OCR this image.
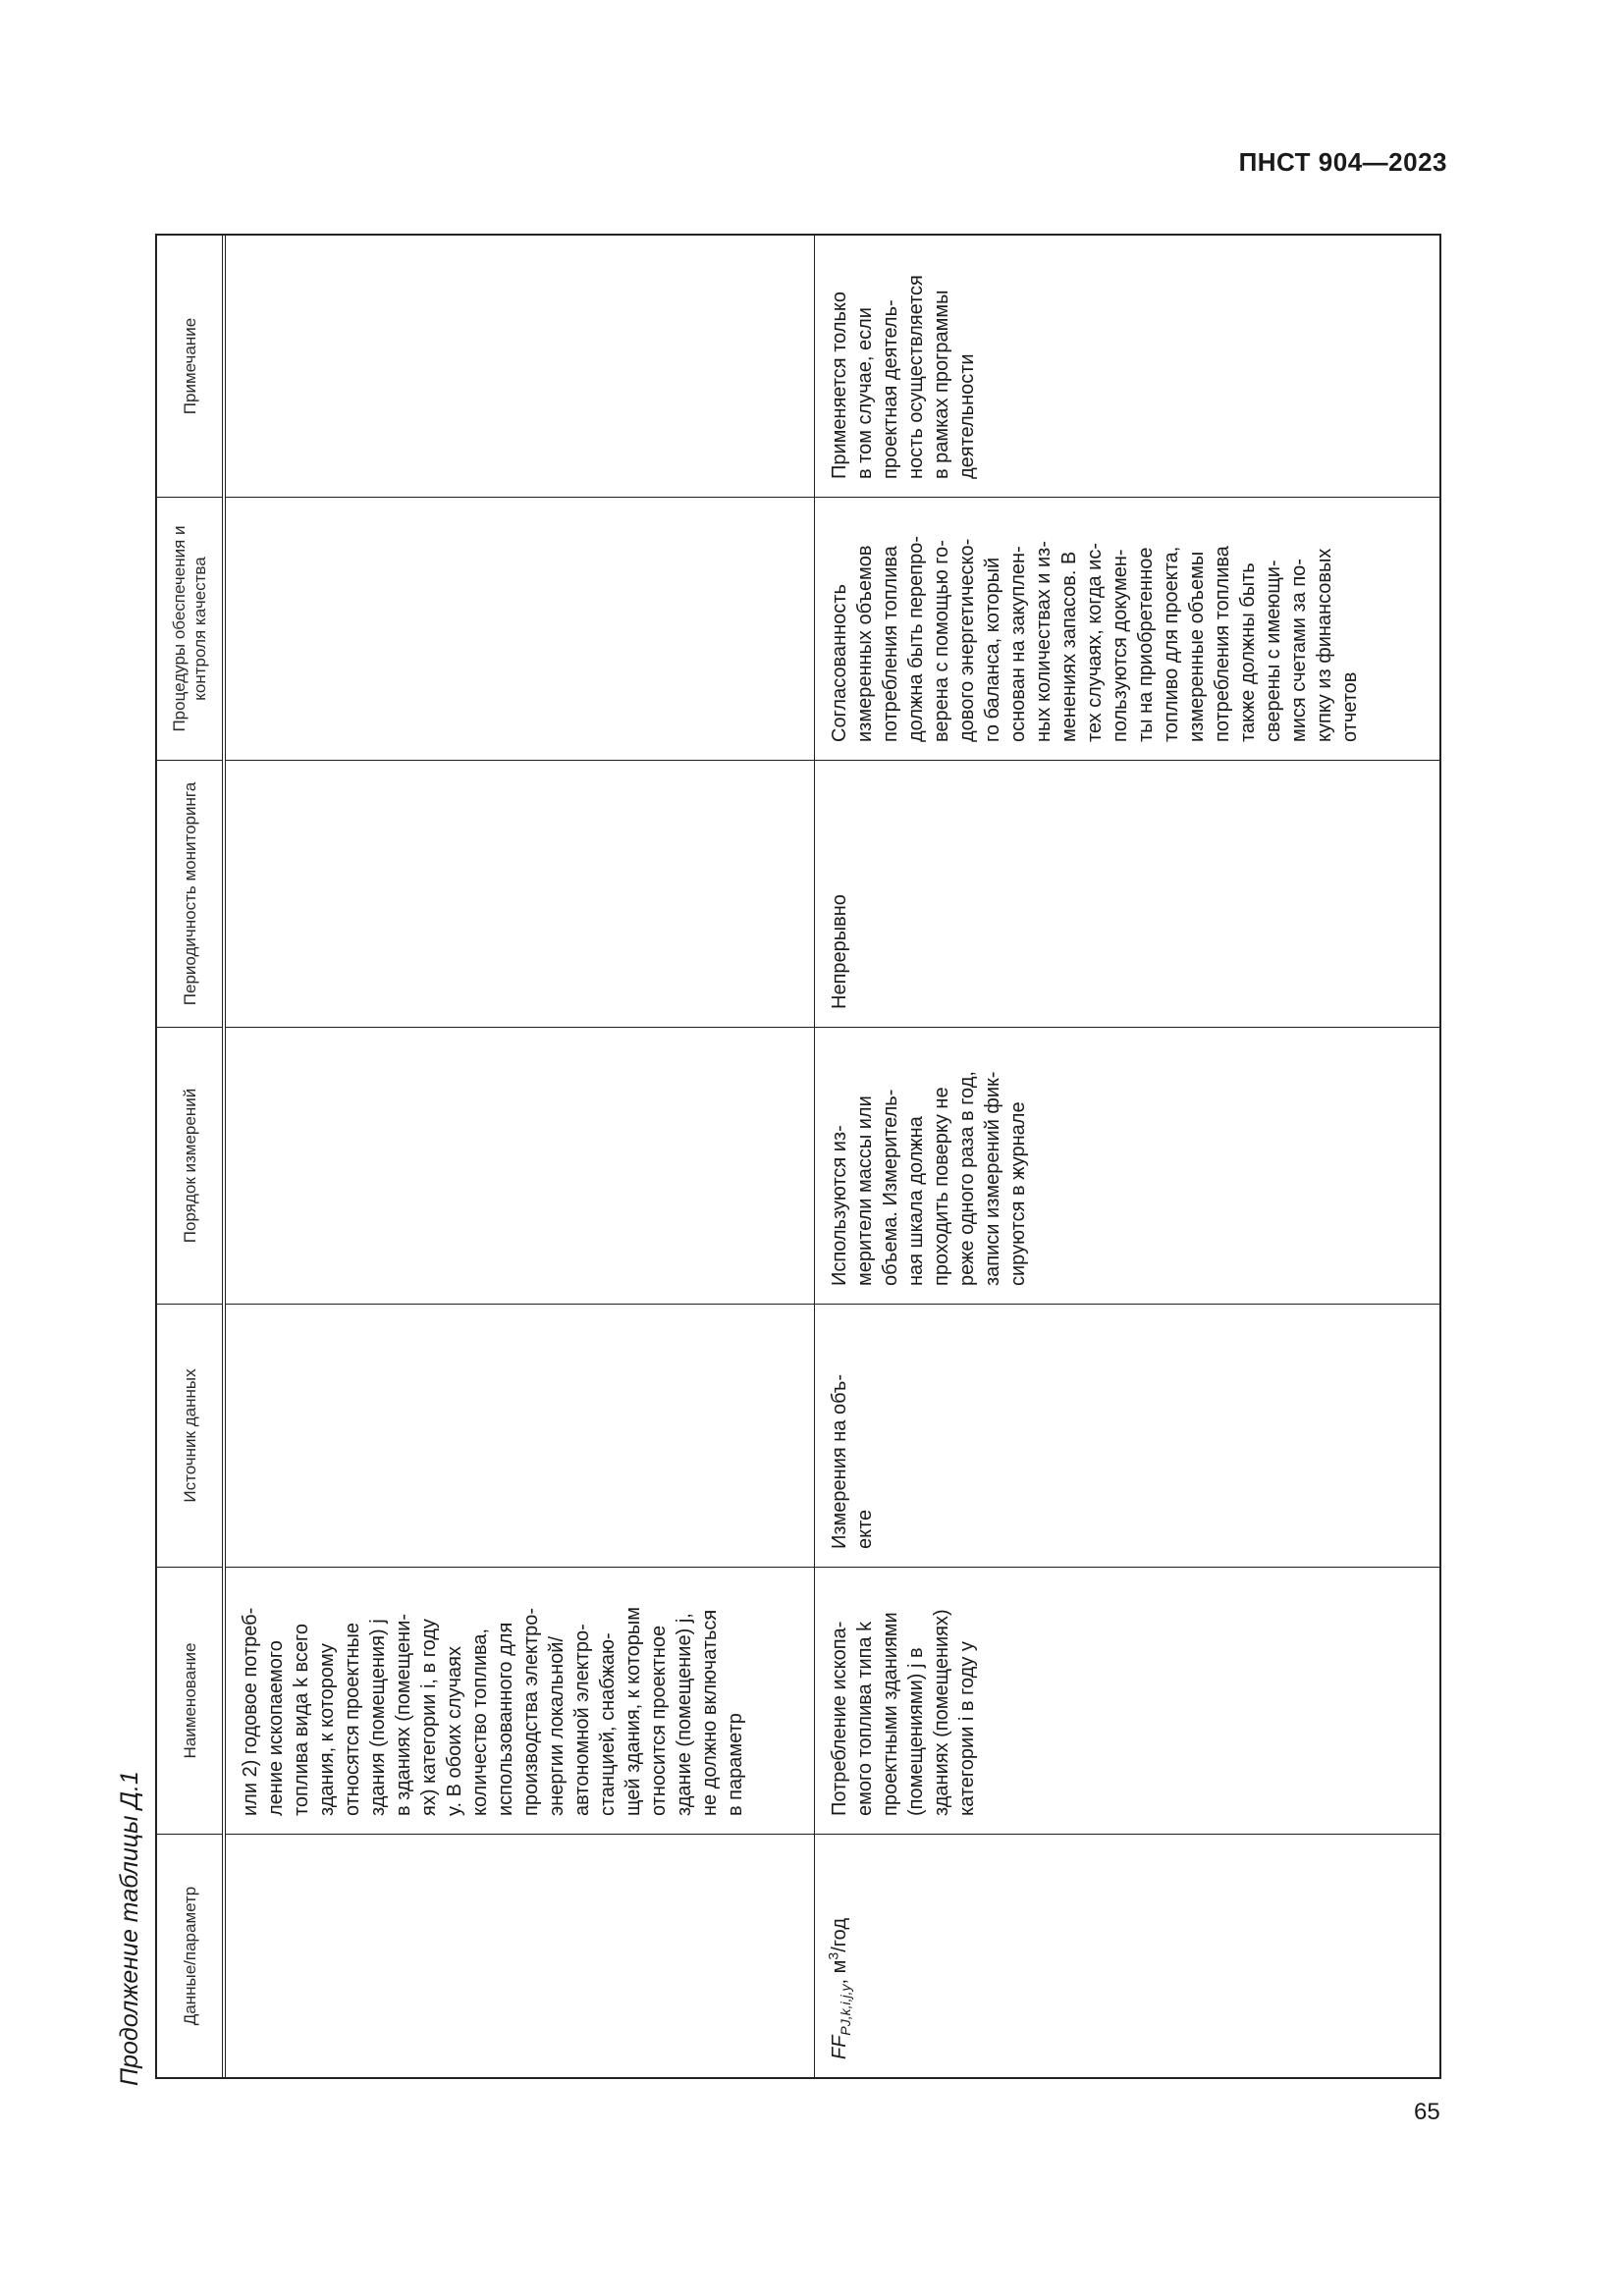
ПНСТ 904—2023
Продолжение таблицы Д.1	Данные/параметр
Наименование
Источник данных
Порядок измерений
Периодичность мониторинга
Процедуры обеспечения и контроля качества
Примечание
или 2) годовое потреб- ление ископаемого топлива вида k всего здания, к которому относятся проектные здания (помещения) j в зданиях (помещени- ях) категории i, в году y. В обоих случаях количество топлива, использованного для производства электро- энергии локальной/ автономной электро- станцией, снабжаю- щей здания, к которым относится проектное здание (помещение) j, не должно включаться в параметр
$FF_{PJ,k,i,j,y}$, $м^3$/год
Потребление ископа- емого топлива типа k проектными зданиями (помещениями) j в зданиях (помещениях) категории i в году y
Измерения на объ- екте
Используются из- мерители массы или объема. Измеритель- ная шкала должна проходить поверку не реже одного раза в год, записи измерений фик- сируются в журнале
Непрерывно
Согласованность измеренных объемов потребления топлива должна быть перепро- верена с помощью го- дового энергетическо- го баланса, который основан на закуплен- ных количествах и из- менениях запасов. В тех случаях, когда ис- пользуются докумен- ты на приобретенное топливо для проекта, измеренные объемы потребления топлива также должны быть сверены с имеющи- мися счетами за по- купку из финансовых отчетов
Применяется только в том случае, если проектная деятель- ность осуществляется в рамках программы деятельности
65
